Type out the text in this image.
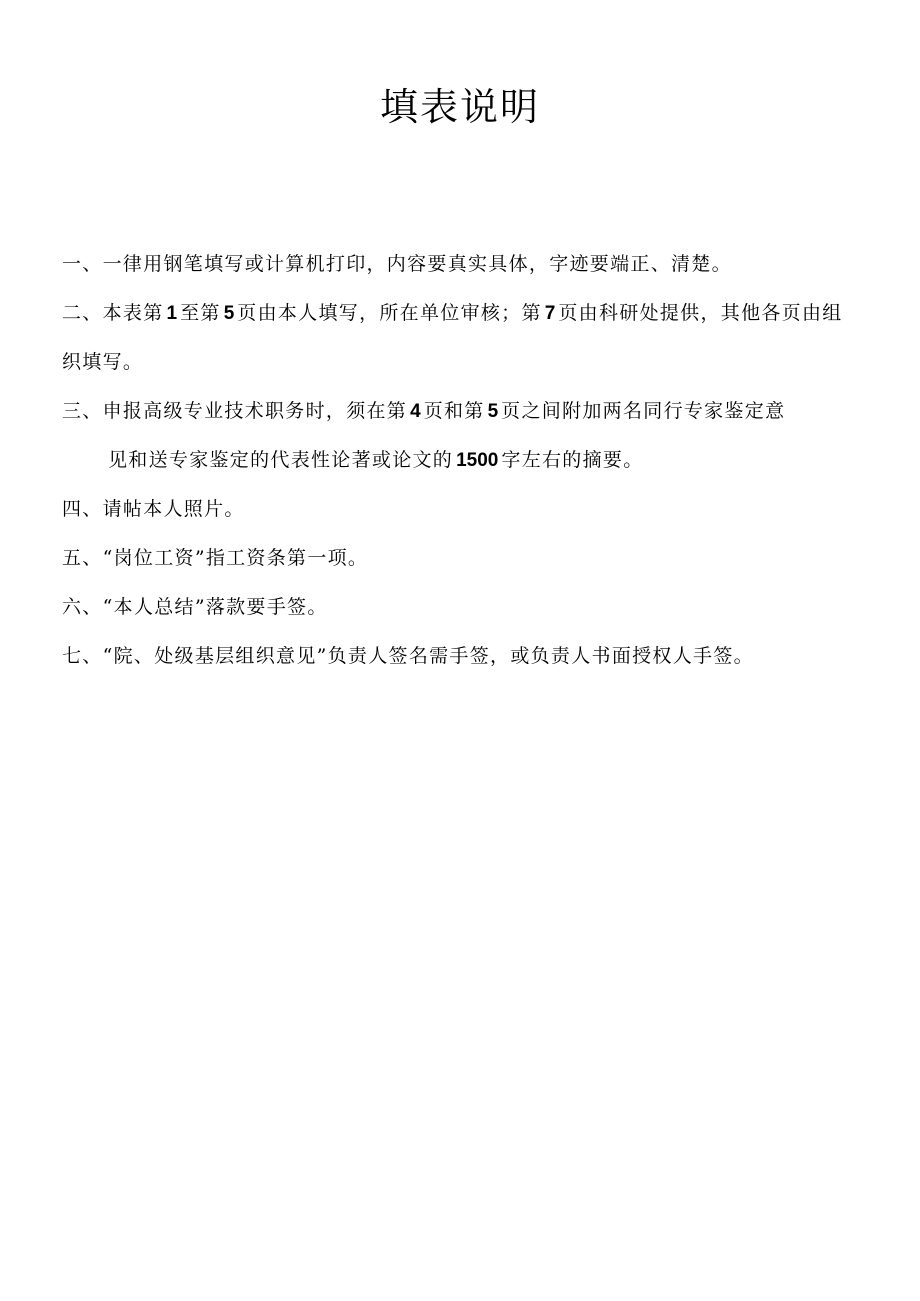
填表说明

一、一律用钢笔填写或计算机打印，内容要真实具体，字迹要端正、清楚。

二、本表第 1 至第 5 页由本人填写，所在单位审核；第 7 页由科研处提供，其他各页由组织填写。

三、申报高级专业技术职务时，须在第 4 页和第 5 页之间附加两名同行专家鉴定意
见和送专家鉴定的代表性论著或论文的 1500 字左右的摘要。

四、请帖本人照片。

五、“岗位工资”指工资条第一项。

六、“本人总结”落款要手签。

七、“院、处级基层组织意见”负责人签名需手签，或负责人书面授权人手签。
